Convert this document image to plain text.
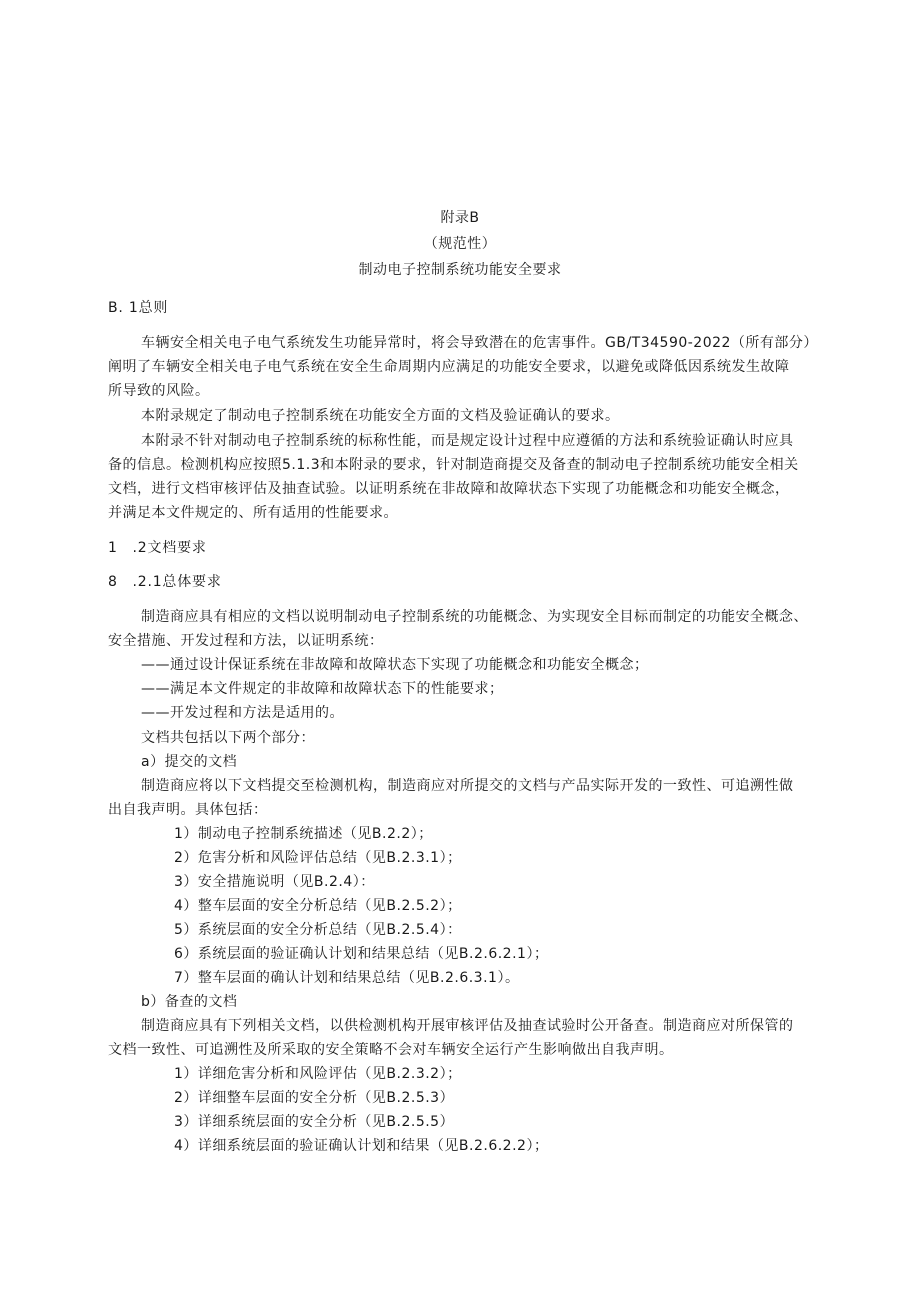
附录B
（规范性）
制动电子控制系统功能安全要求
B. 1总则
车辆安全相关电子电气系统发生功能异常时，将会导致潜在的危害事件。GB/T34590-2022（所有部分）
阐明了车辆安全相关电子电气系统在安全生命周期内应满足的功能安全要求，以避免或降低因系统发生故障
所导致的风险。
本附录规定了制动电子控制系统在功能安全方面的文档及验证确认的要求。
本附录不针对制动电子控制系统的标称性能，而是规定设计过程中应遵循的方法和系统验证确认时应具
备的信息。检测机构应按照5.1.3和本附录的要求，针对制造商提交及备查的制动电子控制系统功能安全相关
文档，进行文档审核评估及抽查试验。以证明系统在非故障和故障状态下实现了功能概念和功能安全概念，
并满足本文件规定的、所有适用的性能要求。
1　.2文档要求
8　.2.1总体要求
制造商应具有相应的文档以说明制动电子控制系统的功能概念、为实现安全目标而制定的功能安全概念、
安全措施、开发过程和方法，以证明系统：
——通过设计保证系统在非故障和故障状态下实现了功能概念和功能安全概念；
——满足本文件规定的非故障和故障状态下的性能要求；
——开发过程和方法是适用的。
文档共包括以下两个部分：
a）提交的文档
制造商应将以下文档提交至检测机构，制造商应对所提交的文档与产品实际开发的一致性、可追溯性做
出自我声明。具体包括：
1）制动电子控制系统描述（见B.2.2）；
2）危害分析和风险评估总结（见B.2.3.1）；
3）安全措施说明（见B.2.4）：
4）整车层面的安全分析总结（见B.2.5.2）；
5）系统层面的安全分析总结（见B.2.5.4）：
6）系统层面的验证确认计划和结果总结（见B.2.6.2.1）；
7）整车层面的确认计划和结果总结（见B.2.6.3.1）。
b）备查的文档
制造商应具有下列相关文档，以供检测机构开展审核评估及抽查试验时公开备查。制造商应对所保管的
文档一致性、可追溯性及所采取的安全策略不会对车辆安全运行产生影响做出自我声明。
1）详细危害分析和风险评估（见B.2.3.2）；
2）详细整车层面的安全分析（见B.2.5.3）
3）详细系统层面的安全分析（见B.2.5.5）
4）详细系统层面的验证确认计划和结果（见B.2.6.2.2）；
